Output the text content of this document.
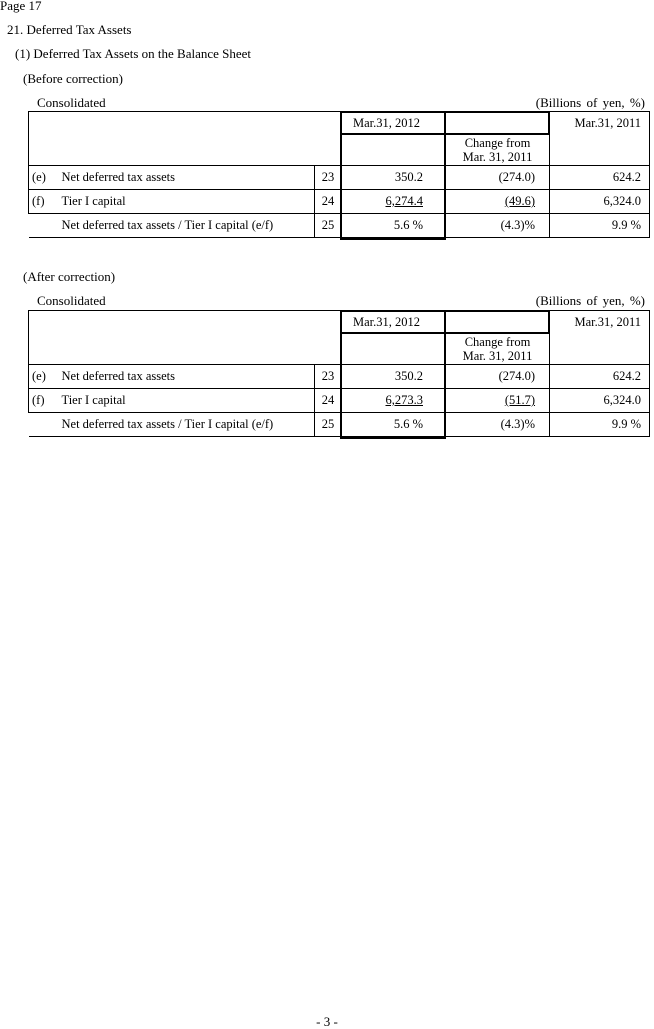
Page 17
21. Deferred Tax Assets
(1) Deferred Tax Assets on the Balance Sheet
(Before correction)
Consolidated	(Billions of yen, %)
			Mar.31, 2012		Mar.31, 2011
				Change from
Mar. 31, 2011	
(e)	Net deferred tax assets	23	350.2	(274.0)	624.2
(f)	Tier I capital	24	6,274.4	(49.6)	6,324.0
	Net deferred tax assets / Tier I capital (e/f)	25	5.6 %	(4.3)%	9.9 %
(After correction)
Consolidated	(Billions of yen, %)
			Mar.31, 2012		Mar.31, 2011
				Change from
Mar. 31, 2011	
(e)	Net deferred tax assets	23	350.2	(274.0)	624.2
(f)	Tier I capital	24	6,273.3	(51.7)	6,324.0
	Net deferred tax assets / Tier I capital (e/f)	25	5.6 %	(4.3)%	9.9 %
- 3 -
